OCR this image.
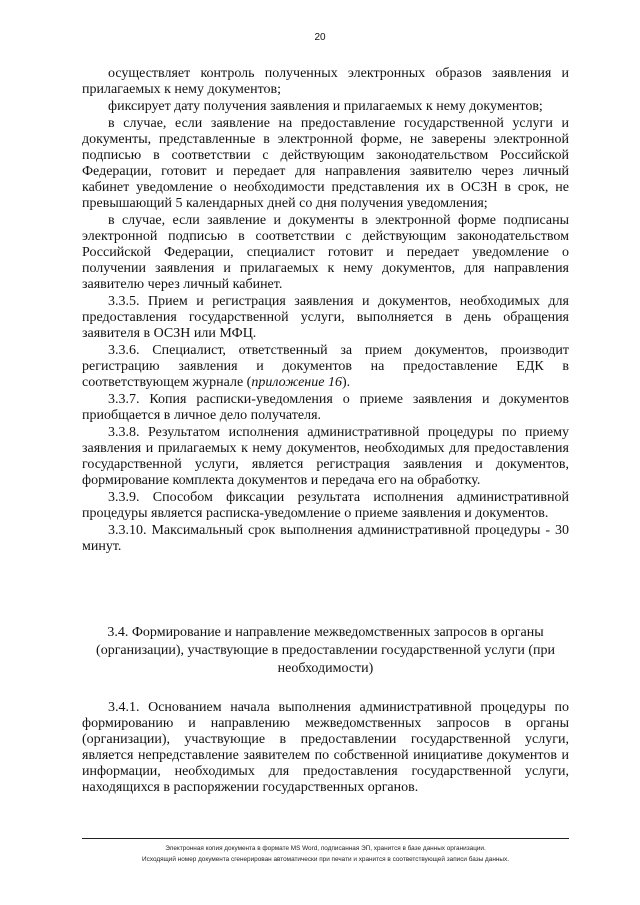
20

осуществляет контроль полученных электронных образов заявления и прилагаемых к нему документов;

фиксирует дату получения заявления и прилагаемых к нему документов;

в случае, если заявление на предоставление государственной услуги и документы, представленные в электронной форме, не заверены электронной подписью в соответствии с действующим законодательством Российской Федерации, готовит и передает для направления заявителю через личный кабинет уведомление о необходимости представления их в ОСЗН в срок, не превышающий 5 календарных дней со дня получения уведомления;

в случае, если заявление и документы в электронной форме подписаны электронной подписью в соответствии с действующим законодательством Российской Федерации, специалист готовит и передает уведомление о получении заявления и прилагаемых к нему документов, для направления заявителю через личный кабинет.

3.3.5. Прием и регистрация заявления и документов, необходимых для предоставления государственной услуги, выполняется в день обращения заявителя в ОСЗН или МФЦ.

3.3.6. Специалист, ответственный за прием документов, производит регистрацию заявления и документов на предоставление ЕДК в соответствующем журнале (приложение 16).

3.3.7. Копия расписки-уведомления о приеме заявления и документов приобщается в личное дело получателя.

3.3.8. Результатом исполнения административной процедуры по приему заявления и прилагаемых к нему документов, необходимых для предоставления государственной услуги, является регистрация заявления и документов, формирование комплекта документов и передача его на обработку.

3.3.9. Способом фиксации результата исполнения административной процедуры является расписка-уведомление о приеме заявления и документов.

3.3.10. Максимальный срок выполнения административной процедуры - 30 минут.

3.4. Формирование и направление межведомственных запросов в органы (организации), участвующие в предоставлении государственной услуги (при необходимости)

3.4.1. Основанием начала выполнения административной процедуры по формированию и направлению межведомственных запросов в органы (организации), участвующие в предоставлении государственной услуги, является непредставление заявителем по собственной инициативе документов и информации, необходимых для предоставления государственной услуги, находящихся в распоряжении государственных органов.

Электронная копия документа в формате MS Word, подписанная ЭП, хранится в базе данных организации.
Исходящий номер документа сгенерирован автоматически при печати и хранится в соответствующей записи базы данных.
